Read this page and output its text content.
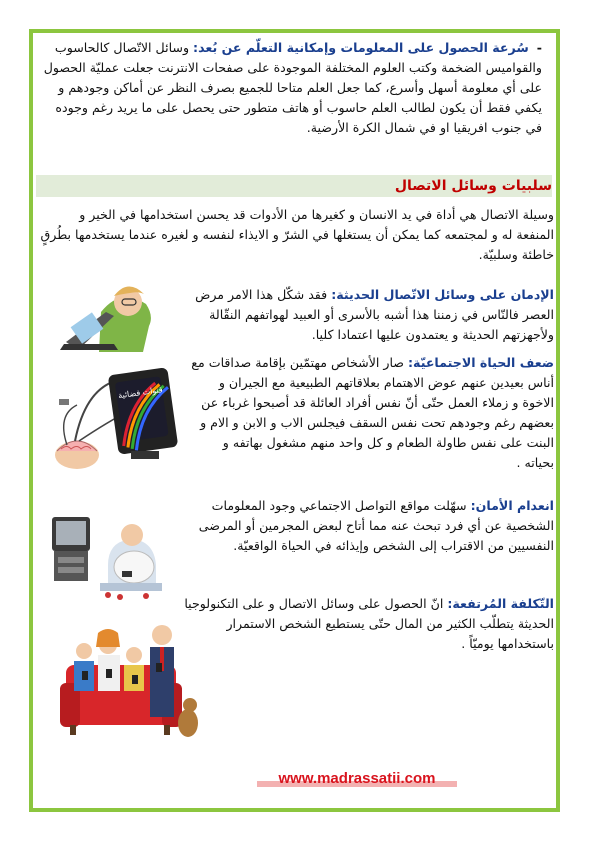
- سُرعة الحصول على المعلومات وإمكانية التعلّم عن بُعد: وسائل الاتّصال كالحاسوب والقواميس الضخمة وكتب العلوم المختلفة الموجودة على صفحات الانترنت جعلت عمليّة الحصول على أي معلومة أسهل وأسرع، كما جعل العلم متاحا للجميع بصرف النظر عن أماكن وجودهم و يكفي فقط أن يكون لطالب العلم حاسوب أو هاتف متطور حتى يحصل على ما يريد رغم وجوده في جنوب افريقيا او في شمال الكرة الأرضية.
سلبيات وسائل الاتصال
وسيلة الاتصال هي أداة في يد الانسان و كغيرها من الأدوات قد يحسن استخدامها في الخير و المنفعة له و لمجتمعه كما يمكن أن يستغلها في الشرّ و الايذاء لنفسه و لغيره عندما يستخدمها بطُرقٍ خاطئة وسلبيّة.
الإدمان على وسائل الاتّصال الحديثة: فقد شكّل هذا الامر مرض العصر فالنّاس في زمننا هذا أشبه بالأسرى أو العبيد لهواتفهم النقّالة ولأجهزتهم الحديثة و يعتمدون عليها اعتمادا كليا.
ضعف الحياة الاجتماعيّة: صار الأشخاص مهتمّين بإقامة صداقات مع أناس بعيدين عنهم عوض الاهتمام بعلاقاتهم الطبيعية مع الجيران و الاخوة و زملاء العمل حتّى أنّ نفس أفراد العائلة قد أصبحوا غرباء عن بعضهم رغم وجودهم تحت نفس السقف فيجلس الاب و الابن و الام و البنت على نفس طاولة الطعام و كل واحد منهم مشغول بهاتفه و بحياته .
انعدام الأمان: سهّلت مواقع التواصل الاجتماعي وجود المعلومات الشخصية عن أي فرد تبحث عنه مما أتاح لبعض المجرمين أو المرضى النفسيين من الاقتراب إلى الشخص وإيذائه في الحياة الواقعيّة.
التّكلفة المُرتفعة: انّ الحصول على وسائل الاتصال و على التكنولوجيا الحديثة يتطلّب الكثير من المال حتّى يستطيع الشخص الاستمرار باستخدامها يوميّاً .
قنوات فضائية
www.madrassatii.com
